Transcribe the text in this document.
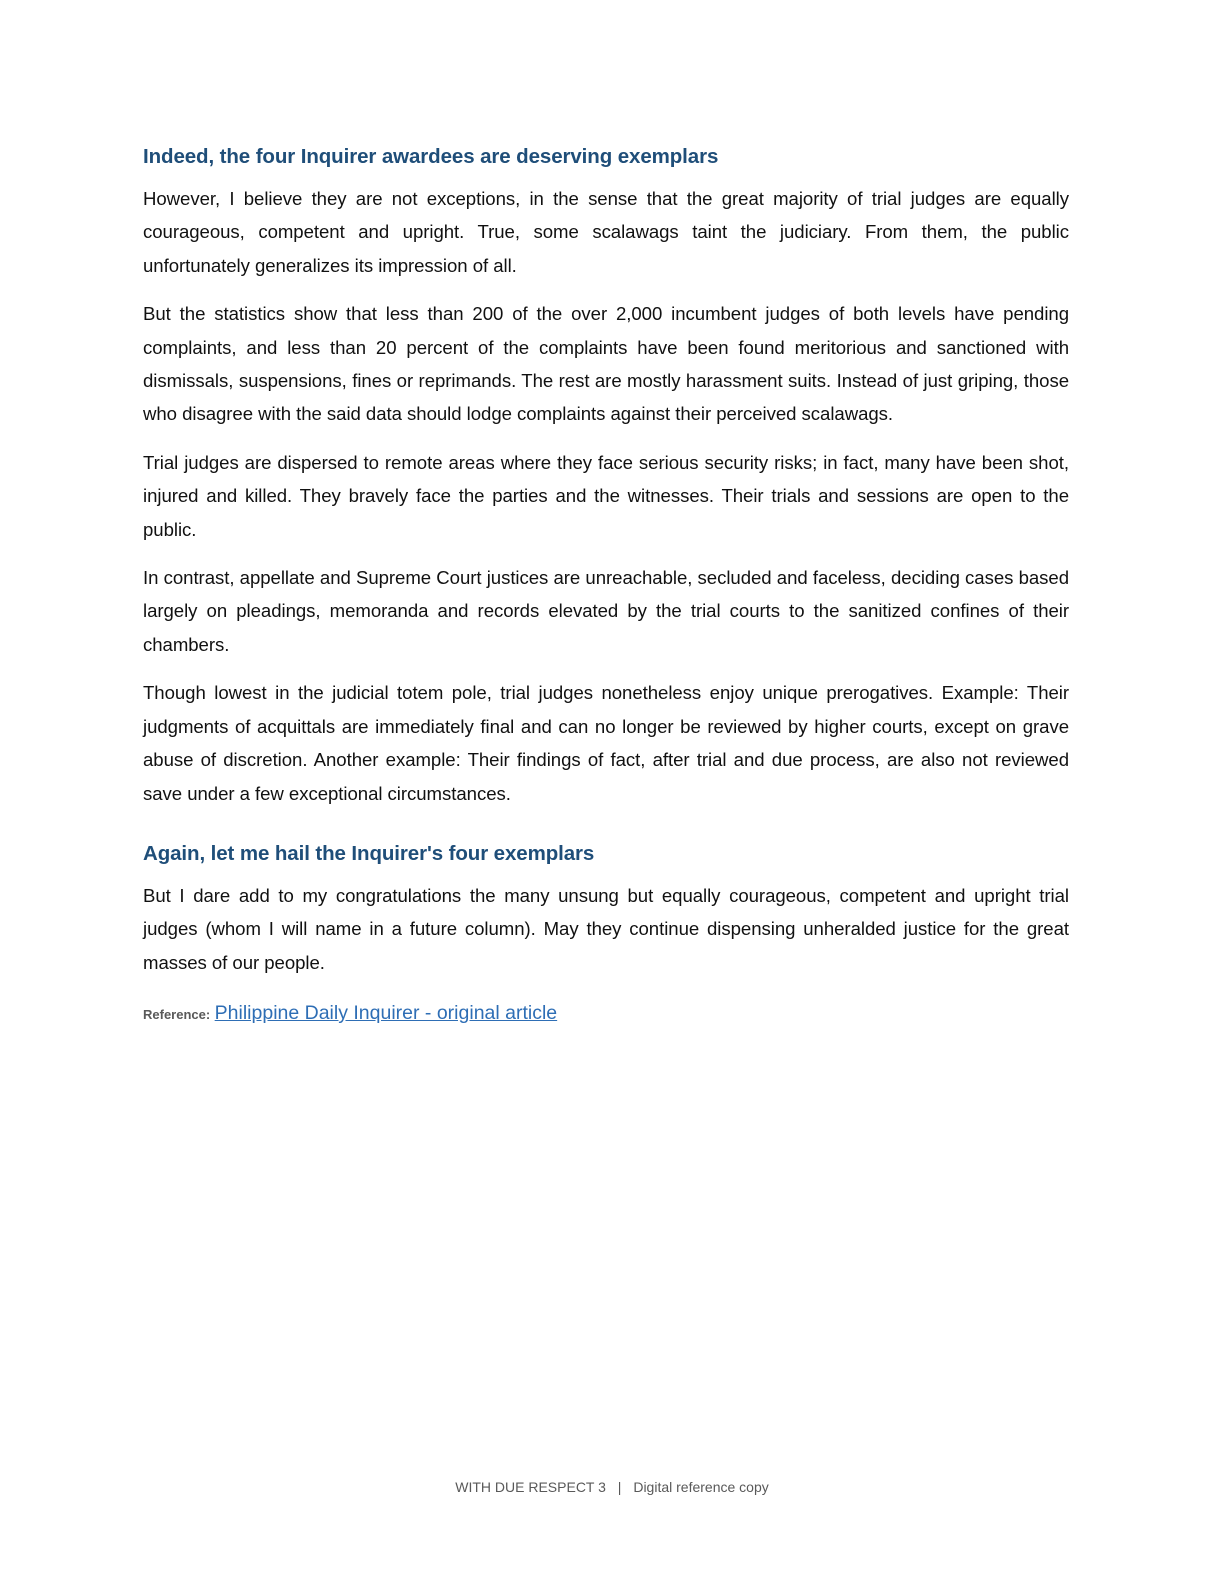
Indeed, the four Inquirer awardees are deserving exemplars

However, I believe they are not exceptions, in the sense that the great majority of trial judges are equally courageous, competent and upright. True, some scalawags taint the judiciary. From them, the public unfortunately generalizes its impression of all.

But the statistics show that less than 200 of the over 2,000 incumbent judges of both levels have pending complaints, and less than 20 percent of the complaints have been found meritorious and sanctioned with dismissals, suspensions, fines or reprimands. The rest are mostly harassment suits. Instead of just griping, those who disagree with the said data should lodge complaints against their perceived scalawags.

Trial judges are dispersed to remote areas where they face serious security risks; in fact, many have been shot, injured and killed. They bravely face the parties and the witnesses. Their trials and sessions are open to the public.

In contrast, appellate and Supreme Court justices are unreachable, secluded and faceless, deciding cases based largely on pleadings, memoranda and records elevated by the trial courts to the sanitized confines of their chambers.

Though lowest in the judicial totem pole, trial judges nonetheless enjoy unique prerogatives. Example: Their judgments of acquittals are immediately final and can no longer be reviewed by higher courts, except on grave abuse of discretion. Another example: Their findings of fact, after trial and due process, are also not reviewed save under a few exceptional circumstances.

Again, let me hail the Inquirer's four exemplars

But I dare add to my congratulations the many unsung but equally courageous, competent and upright trial judges (whom I will name in a future column). May they continue dispensing unheralded justice for the great masses of our people.

Reference: Philippine Daily Inquirer - original article
WITH DUE RESPECT 3 | Digital reference copy
